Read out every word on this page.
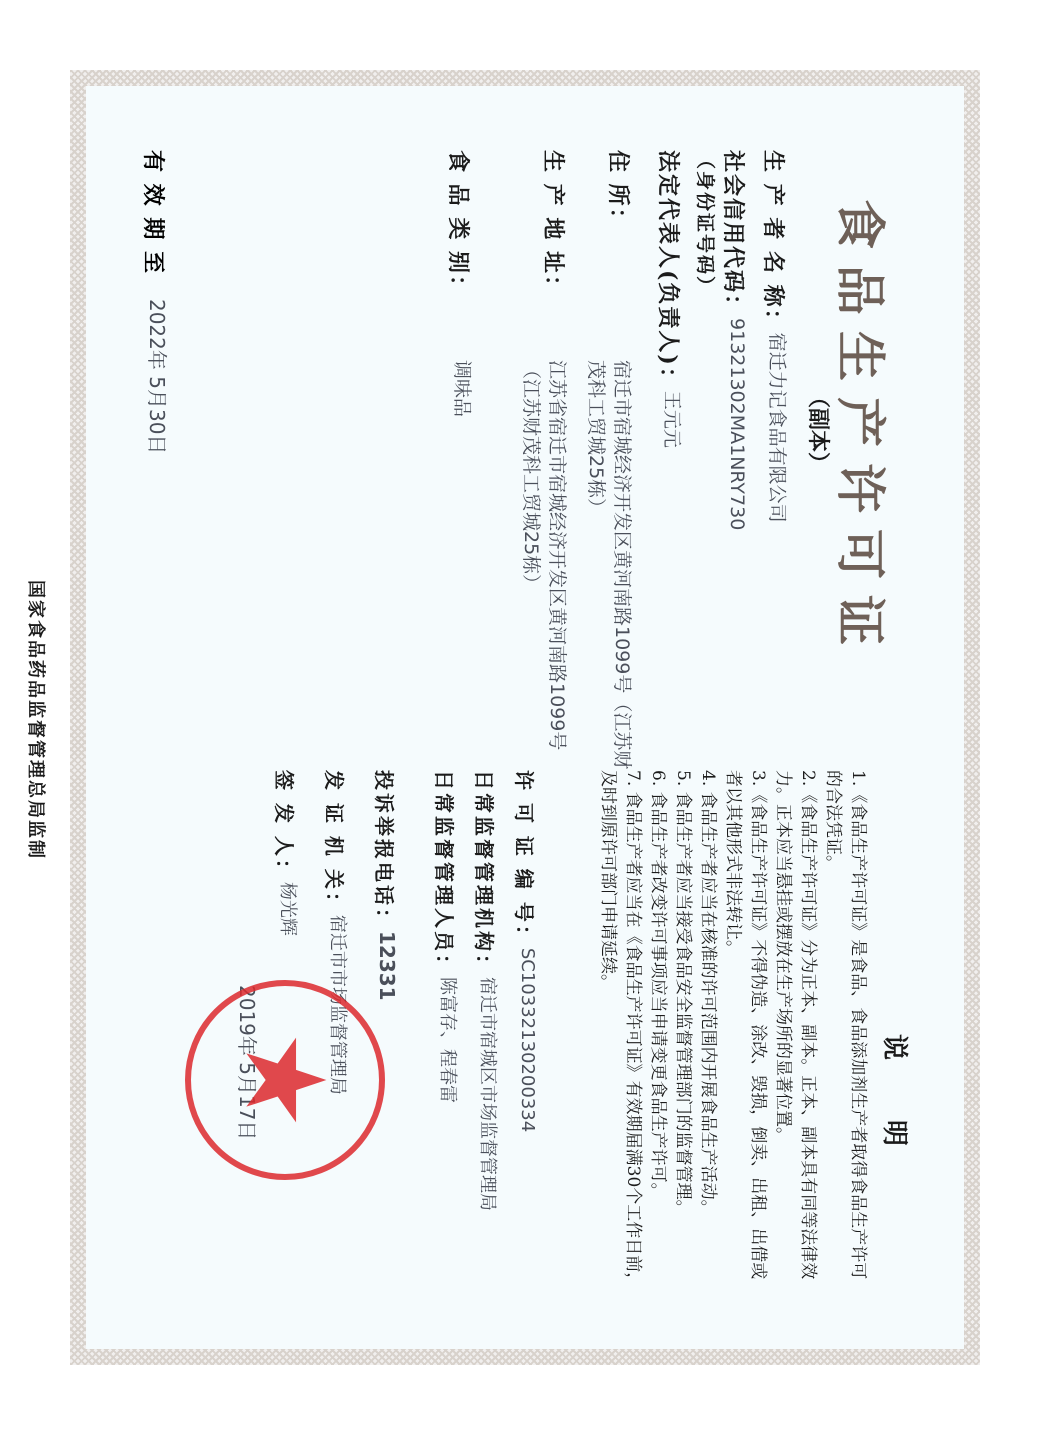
食品生产许可证
（副本）
生 产 者 名 称：
宿迁力记食品有限公司
社会信用代码
：
91321302MA1NRY730
（身份证号码）
法定代表人(负责人)：
王元元
住 所：
宿迁市宿城经济开发区黄河南路1099号（江苏财茂科工贸城25栋）
生 产 地 址：
江苏省宿迁市宿城经济开发区黄河南路1099号（江苏财茂科工贸城25栋）
食 品 类 别：
调味品
有 效 期 至
2022年 5月30日
说明
1.《食品生产许可证》是食品、食品添加剂生产者取得食品生产许可的合法凭证。
2.《食品生产许可证》分为正本、副本。正本、副本具有同等法律效力。正本应当悬挂或摆放在生产场所的显著位置。
3.《食品生产许可证》不得伪造、涂改、毁损，倒卖、出租、出借或者以其他形式非法转让。
4. 食品生产者应当在核准的许可范围内开展食品生产活动。
5. 食品生产者应当接受食品安全监督管理部门的监督管理。
6. 食品生产者改变许可事项应当申请变更食品生产许可。
7. 食品生产者应当在《食品生产许可证》有效期届满30个工作日前，及时到原许可部门申请延续。
许 可 证 编 号：
SC10332130200334
日常监督管理机构：
宿迁市宿城区市场监督管理局
日常监督管理人员：
陈富存、程春雷
投诉举报电话：
12331
发 证 机 关：
宿迁市市场监督管理局
签 发 人：
杨光辉
2019年 5月17日
国家食品药品监督管理总局监制
